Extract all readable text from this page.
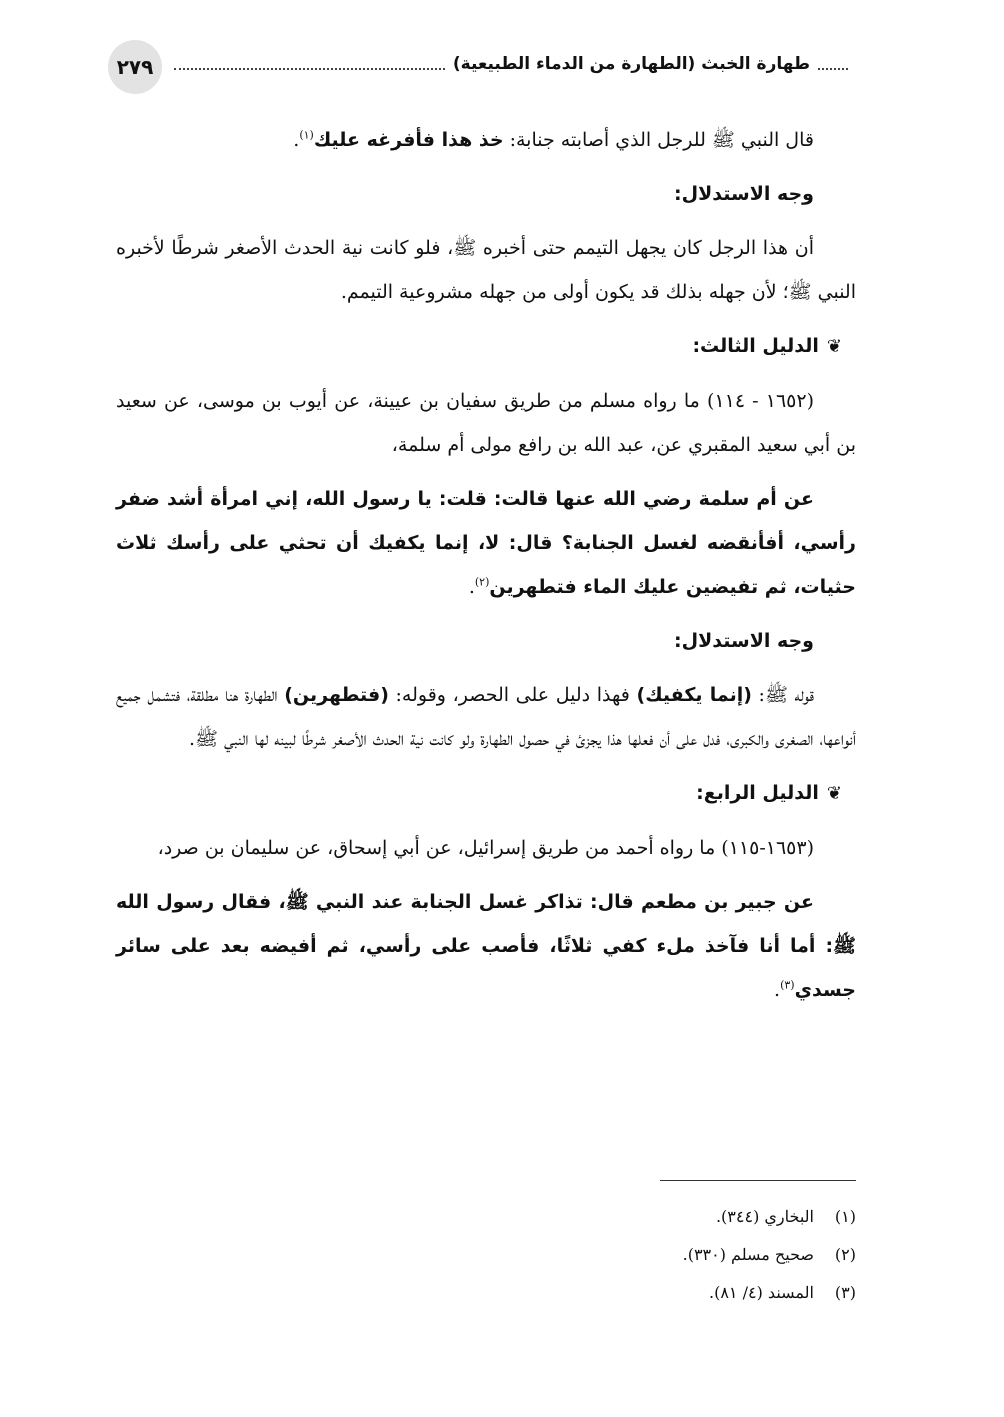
طهارة الخبث (الطهارة من الدماء الطبيعية)
٢٧٩

قال النبي ﷺ للرجل الذي أصابته جنابة: خذ هذا فأفرغه عليك$^{(١)}$.

وجه الاستدلال:

أن هذا الرجل كان يجهل التيمم حتى أخبره ﷺ، فلو كانت نية الحدث الأصغر شرطًا لأخبره النبي ﷺ؛ لأن جهله بذلك قد يكون أولى من جهله مشروعية التيمم.

❦الدليل الثالث:

(١٦٥٢ - ١١٤) ما رواه مسلم من طريق سفيان بن عيينة، عن أيوب بن موسى، عن سعيد بن أبي سعيد المقبري عن، عبد الله بن رافع مولى أم سلمة،

عن أم سلمة رضي الله عنها قالت: قلت: يا رسول الله، إني امرأة أشد ضفر رأسي، أفأنقضه لغسل الجنابة؟ قال: لا، إنما يكفيك أن تحثي على رأسك ثلاث حثيات، ثم تفيضين عليك الماء فتطهرين$^{(٢)}$.

وجه الاستدلال:

قوله ﷺ: (إنما يكفيك) فهذا دليل على الحصر، وقوله: (فتطهرين) الطهارة هنا مطلقة، فتشمل جميع أنواعها، الصغرى والكبرى، فدل على أن فعلها هذا يجزئ في حصول الطهارة ولو كانت نية الحدث الأصغر شرطًا لبينه لها النبي ﷺ.

❦الدليل الرابع:

(١٦٥٣-١١٥) ما رواه أحمد من طريق إسرائيل، عن أبي إسحاق، عن سليمان بن صرد،

عن جبير بن مطعم قال: تذاكر غسل الجنابة عند النبي ﷺ، فقال رسول الله ﷺ: أما أنا فآخذ ملء كفي ثلاثًا، فأصب على رأسي، ثم أفيضه بعد على سائر جسدي$^{(٣)}$.

(١)
البخاري (٣٤٤).
(٢)
صحيح مسلم (٣٣٠).
(٣)
المسند (٤/ ٨١).
